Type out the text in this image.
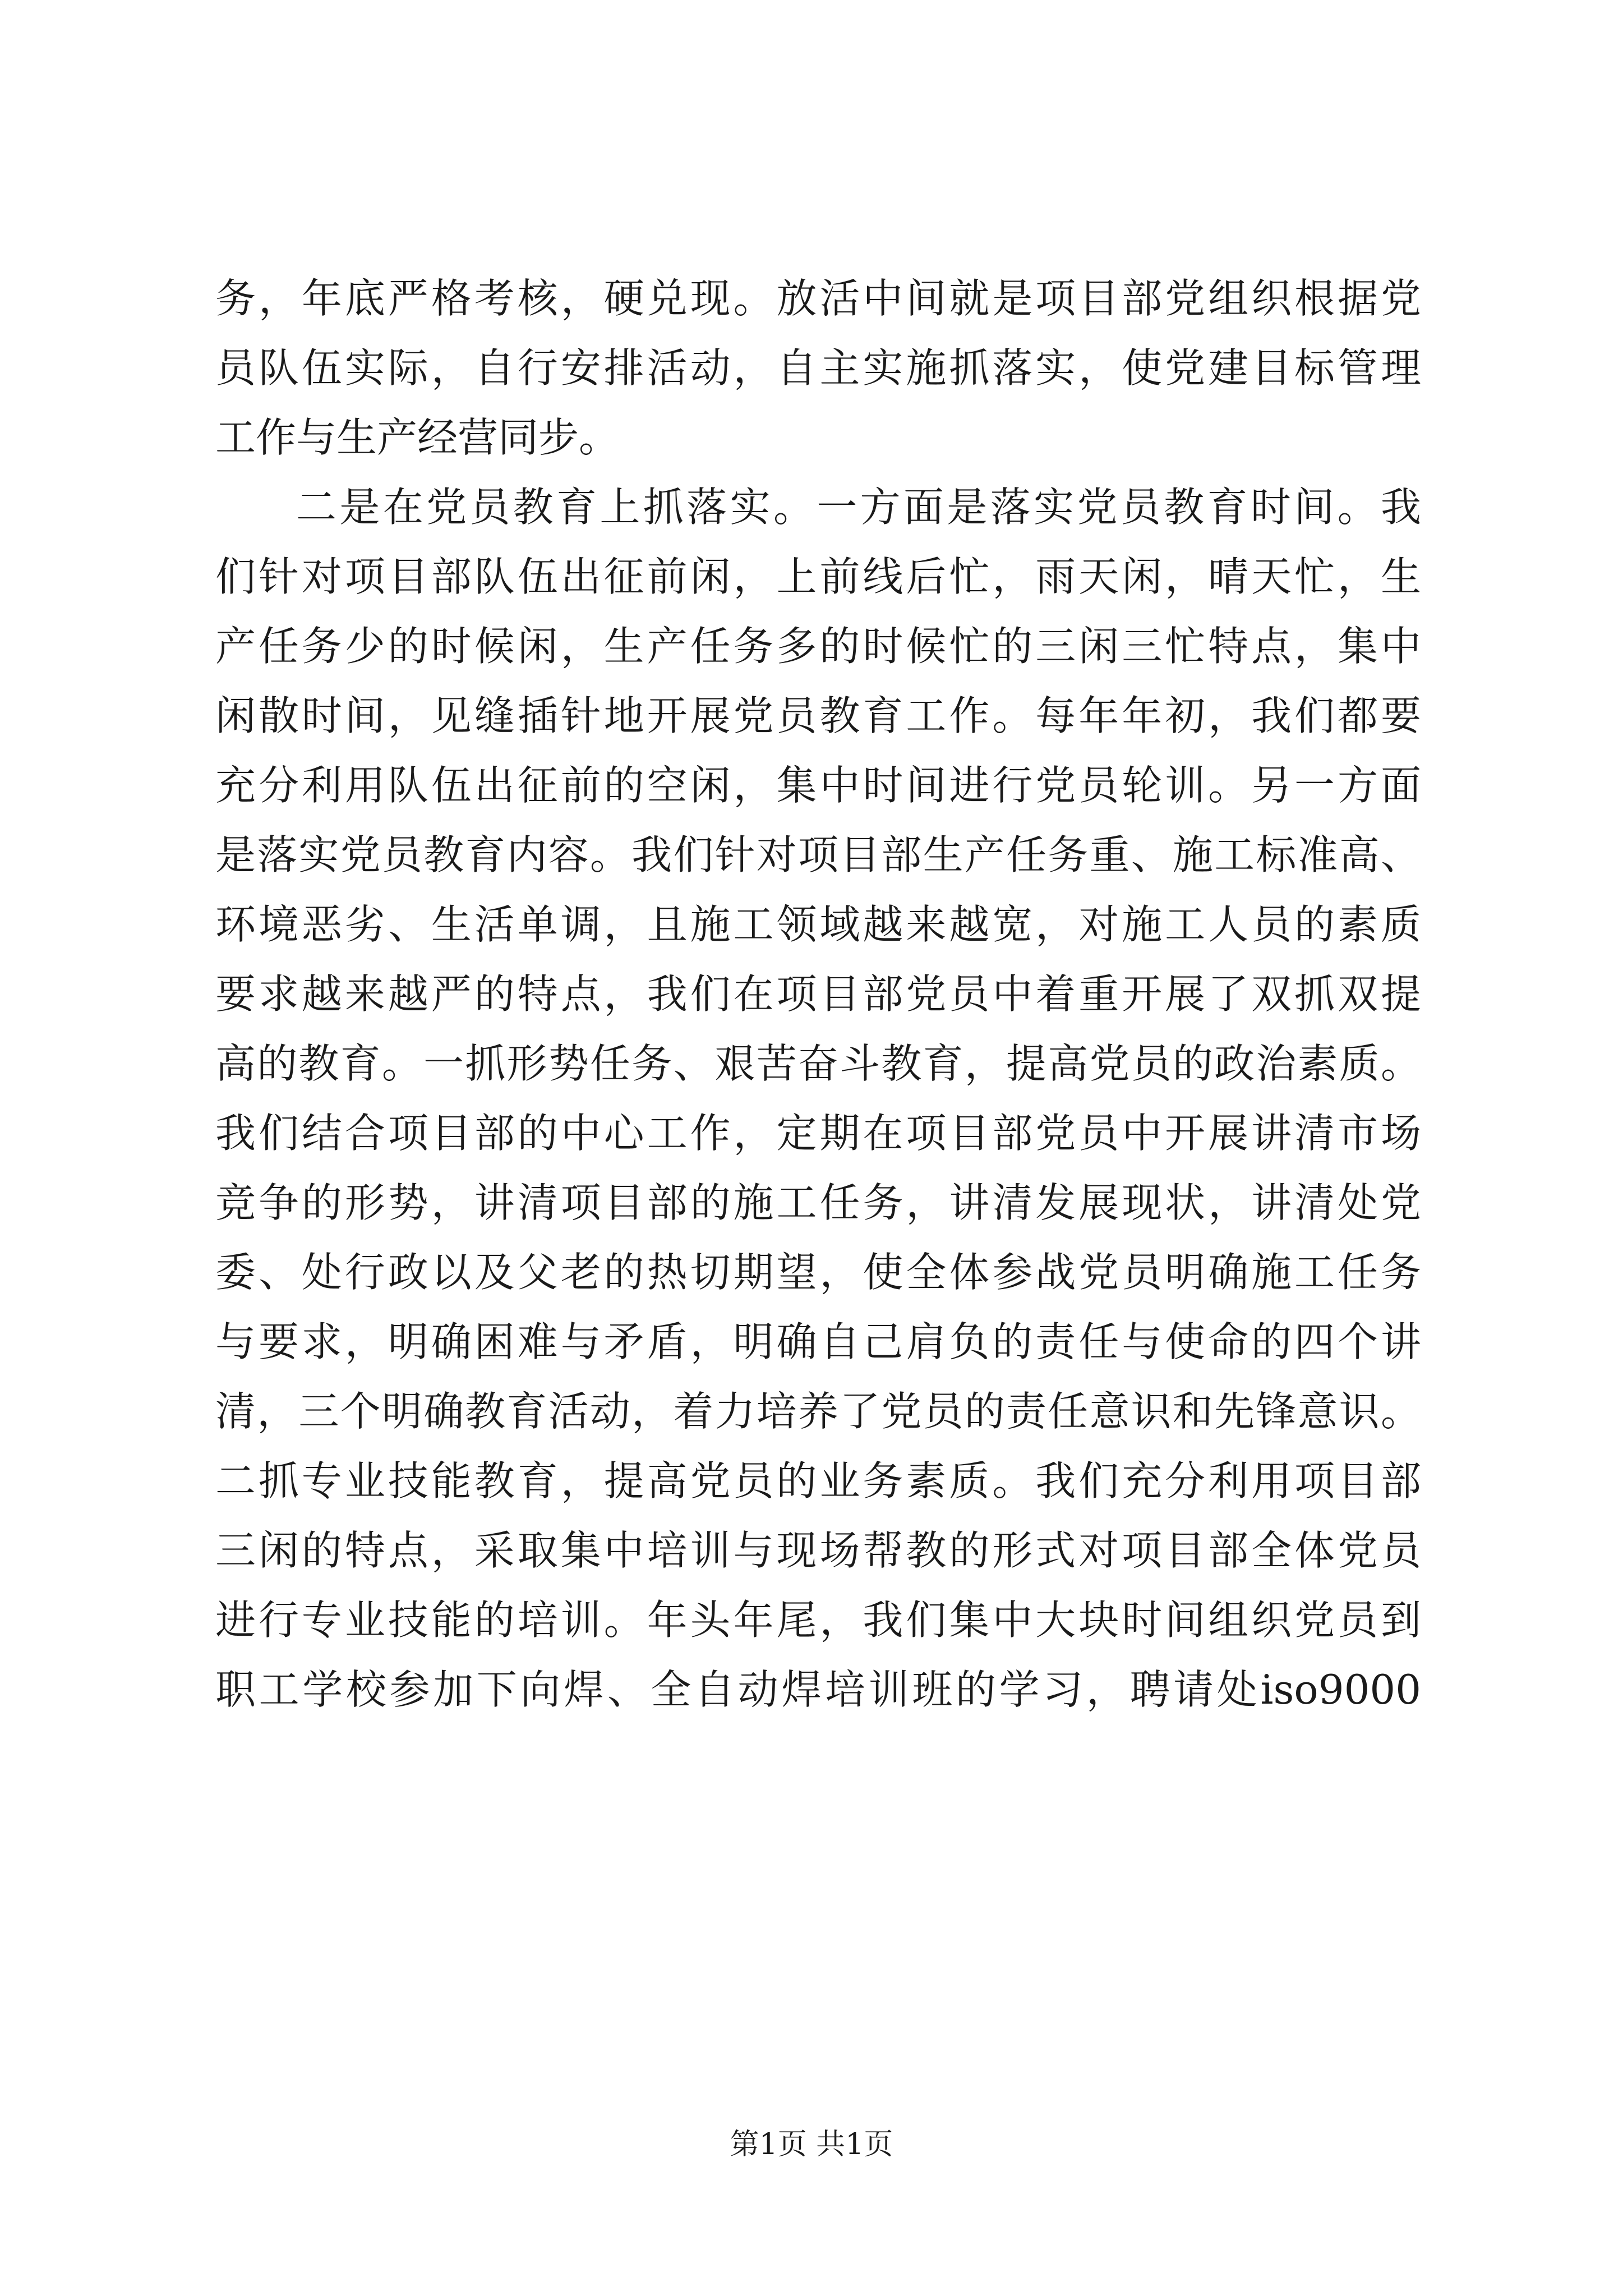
务，年底严格考核，硬兑现。放活中间就是项目部党组织根据党
员队伍实际，自行安排活动，自主实施抓落实，使党建目标管理
工作与生产经营同步。
二是在党员教育上抓落实。一方面是落实党员教育时间。我
们针对项目部队伍出征前闲，上前线后忙，雨天闲，晴天忙，生
产任务少的时候闲，生产任务多的时候忙的三闲三忙特点，集中
闲散时间，见缝插针地开展党员教育工作。每年年初，我们都要
充分利用队伍出征前的空闲，集中时间进行党员轮训。另一方面
是落实党员教育内容。我们针对项目部生产任务重、施工标准高、
环境恶劣、生活单调，且施工领域越来越宽，对施工人员的素质
要求越来越严的特点，我们在项目部党员中着重开展了双抓双提
高的教育。一抓形势任务、艰苦奋斗教育，提高党员的政治素质。
我们结合项目部的中心工作，定期在项目部党员中开展讲清市场
竞争的形势，讲清项目部的施工任务，讲清发展现状，讲清处党
委、处行政以及父老的热切期望，使全体参战党员明确施工任务
与要求，明确困难与矛盾，明确自己肩负的责任与使命的四个讲
清，三个明确教育活动，着力培养了党员的责任意识和先锋意识。
二抓专业技能教育，提高党员的业务素质。我们充分利用项目部
三闲的特点，采取集中培训与现场帮教的形式对项目部全体党员
进行专业技能的培训。年头年尾，我们集中大块时间组织党员到
职工学校参加下向焊、全自动焊培训班的学习，聘请处iso9000
第1页 共1页
